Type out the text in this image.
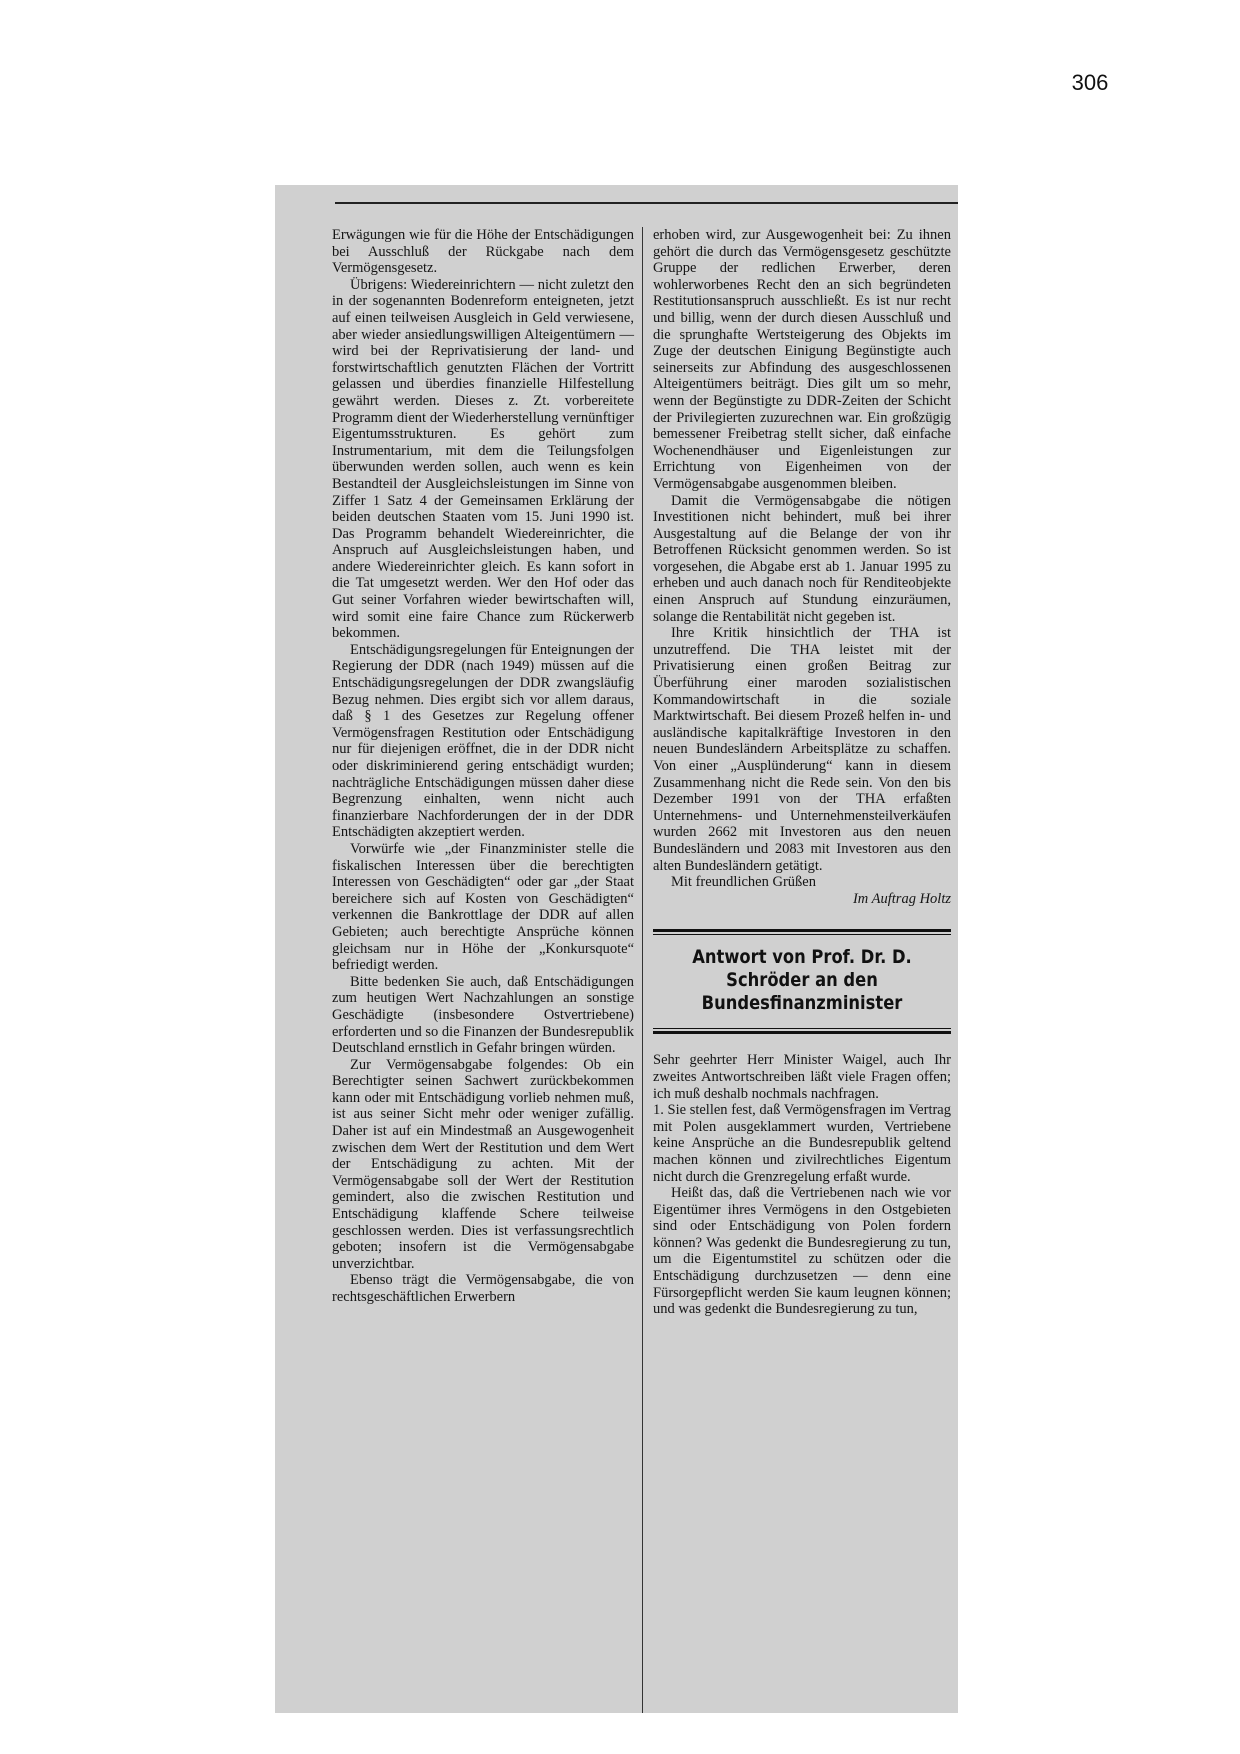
306

Erwägungen wie für die Höhe der Entschädigungen bei Ausschluß der Rückgabe nach dem Vermögensgesetz.

Übrigens: Wiedereinrichtern — nicht zuletzt den in der sogenannten Bodenreform enteigneten, jetzt auf einen teilweisen Ausgleich in Geld verwiesene, aber wieder ansiedlungswilligen Alteigentümern — wird bei der Reprivatisierung der land- und forstwirtschaftlich genutzten Flächen der Vortritt gelassen und überdies finanzielle Hilfestellung gewährt werden. Dieses z. Zt. vorbereitete Programm dient der Wiederherstellung vernünftiger Eigentumsstrukturen. Es gehört zum Instrumentarium, mit dem die Teilungsfolgen überwunden werden sollen, auch wenn es kein Bestandteil der Ausgleichsleistungen im Sinne von Ziffer 1 Satz 4 der Gemeinsamen Erklärung der beiden deutschen Staaten vom 15. Juni 1990 ist. Das Programm behandelt Wiedereinrichter, die Anspruch auf Ausgleichsleistungen haben, und andere Wiedereinrichter gleich. Es kann sofort in die Tat umgesetzt werden. Wer den Hof oder das Gut seiner Vorfahren wieder bewirtschaften will, wird somit eine faire Chance zum Rückerwerb bekommen.

Entschädigungsregelungen für Enteignungen der Regierung der DDR (nach 1949) müssen auf die Entschädigungsregelungen der DDR zwangsläufig Bezug nehmen. Dies ergibt sich vor allem daraus, daß § 1 des Gesetzes zur Regelung offener Vermögensfragen Restitution oder Entschädigung nur für diejenigen eröffnet, die in der DDR nicht oder diskriminierend gering entschädigt wurden; nachträgliche Entschädigungen müssen daher diese Begrenzung einhalten, wenn nicht auch finanzierbare Nachforderungen der in der DDR Entschädigten akzeptiert werden.

Vorwürfe wie „der Finanzminister stelle die fiskalischen Interessen über die berechtigten Interessen von Geschädigten“ oder gar „der Staat bereichere sich auf Kosten von Geschädigten“ verkennen die Bankrottlage der DDR auf allen Gebieten; auch berechtigte Ansprüche können gleichsam nur in Höhe der „Konkursquote“ befriedigt werden.

Bitte bedenken Sie auch, daß Entschädigungen zum heutigen Wert Nachzahlungen an sonstige Geschädigte (insbesondere Ostvertriebene) erforderten und so die Finanzen der Bundesrepublik Deutschland ernstlich in Gefahr bringen würden.

Zur Vermögensabgabe folgendes: Ob ein Berechtigter seinen Sachwert zurückbekommen kann oder mit Entschädigung vorlieb nehmen muß, ist aus seiner Sicht mehr oder weniger zufällig. Daher ist auf ein Mindestmaß an Ausgewogenheit zwischen dem Wert der Restitution und dem Wert der Entschädigung zu achten. Mit der Vermögensabgabe soll der Wert der Restitution gemindert, also die zwischen Restitution und Entschädigung klaffende Schere teilweise geschlossen werden. Dies ist verfassungsrechtlich geboten; insofern ist die Vermögensabgabe unverzichtbar.

Ebenso trägt die Vermögensabgabe, die von rechtsgeschäftlichen Erwerbern

erhoben wird, zur Ausgewogenheit bei: Zu ihnen gehört die durch das Vermögensgesetz geschützte Gruppe der redlichen Erwerber, deren wohlerworbenes Recht den an sich begründeten Restitutionsanspruch ausschließt. Es ist nur recht und billig, wenn der durch diesen Ausschluß und die sprunghafte Wertsteigerung des Objekts im Zuge der deutschen Einigung Begünstigte auch seinerseits zur Abfindung des ausgeschlossenen Alteigentümers beiträgt. Dies gilt um so mehr, wenn der Begünstigte zu DDR-Zeiten der Schicht der Privilegierten zuzurechnen war. Ein großzügig bemessener Freibetrag stellt sicher, daß einfache Wochenendhäuser und Eigenleistungen zur Errichtung von Eigenheimen von der Vermögensabgabe ausgenommen bleiben.

Damit die Vermögensabgabe die nötigen Investitionen nicht behindert, muß bei ihrer Ausgestaltung auf die Belange der von ihr Betroffenen Rücksicht genommen werden. So ist vorgesehen, die Abgabe erst ab 1. Januar 1995 zu erheben und auch danach noch für Renditeobjekte einen Anspruch auf Stundung einzuräumen, solange die Rentabilität nicht gegeben ist.

Ihre Kritik hinsichtlich der THA ist unzutreffend. Die THA leistet mit der Privatisierung einen großen Beitrag zur Überführung einer maroden sozialistischen Kommandowirtschaft in die soziale Marktwirtschaft. Bei diesem Prozeß helfen in- und ausländische kapitalkräftige Investoren in den neuen Bundesländern Arbeitsplätze zu schaffen. Von einer „Ausplünderung“ kann in diesem Zusammenhang nicht die Rede sein. Von den bis Dezember 1991 von der THA erfaßten Unternehmens- und Unternehmensteilverkäufen wurden 2662 mit Investoren aus den neuen Bundesländern und 2083 mit Investoren aus den alten Bundesländern getätigt.

Mit freundlichen Grüßen

Im Auftrag Holtz

Antwort von Prof. Dr. D. Schröder an den Bundesfinanzminister

Sehr geehrter Herr Minister Waigel, auch Ihr zweites Antwortschreiben läßt viele Fragen offen; ich muß deshalb nochmals nachfragen.

1. Sie stellen fest, daß Vermögensfragen im Vertrag mit Polen ausgeklammert wurden, Vertriebene keine Ansprüche an die Bundesrepublik geltend machen können und zivilrechtliches Eigentum nicht durch die Grenzregelung erfaßt wurde.

Heißt das, daß die Vertriebenen nach wie vor Eigentümer ihres Vermögens in den Ostgebieten sind oder Entschädigung von Polen fordern können? Was gedenkt die Bundesregierung zu tun, um die Eigentumstitel zu schützen oder die Entschädigung durchzusetzen — denn eine Fürsorgepflicht werden Sie kaum leugnen können; und was gedenkt die Bundesregierung zu tun,
